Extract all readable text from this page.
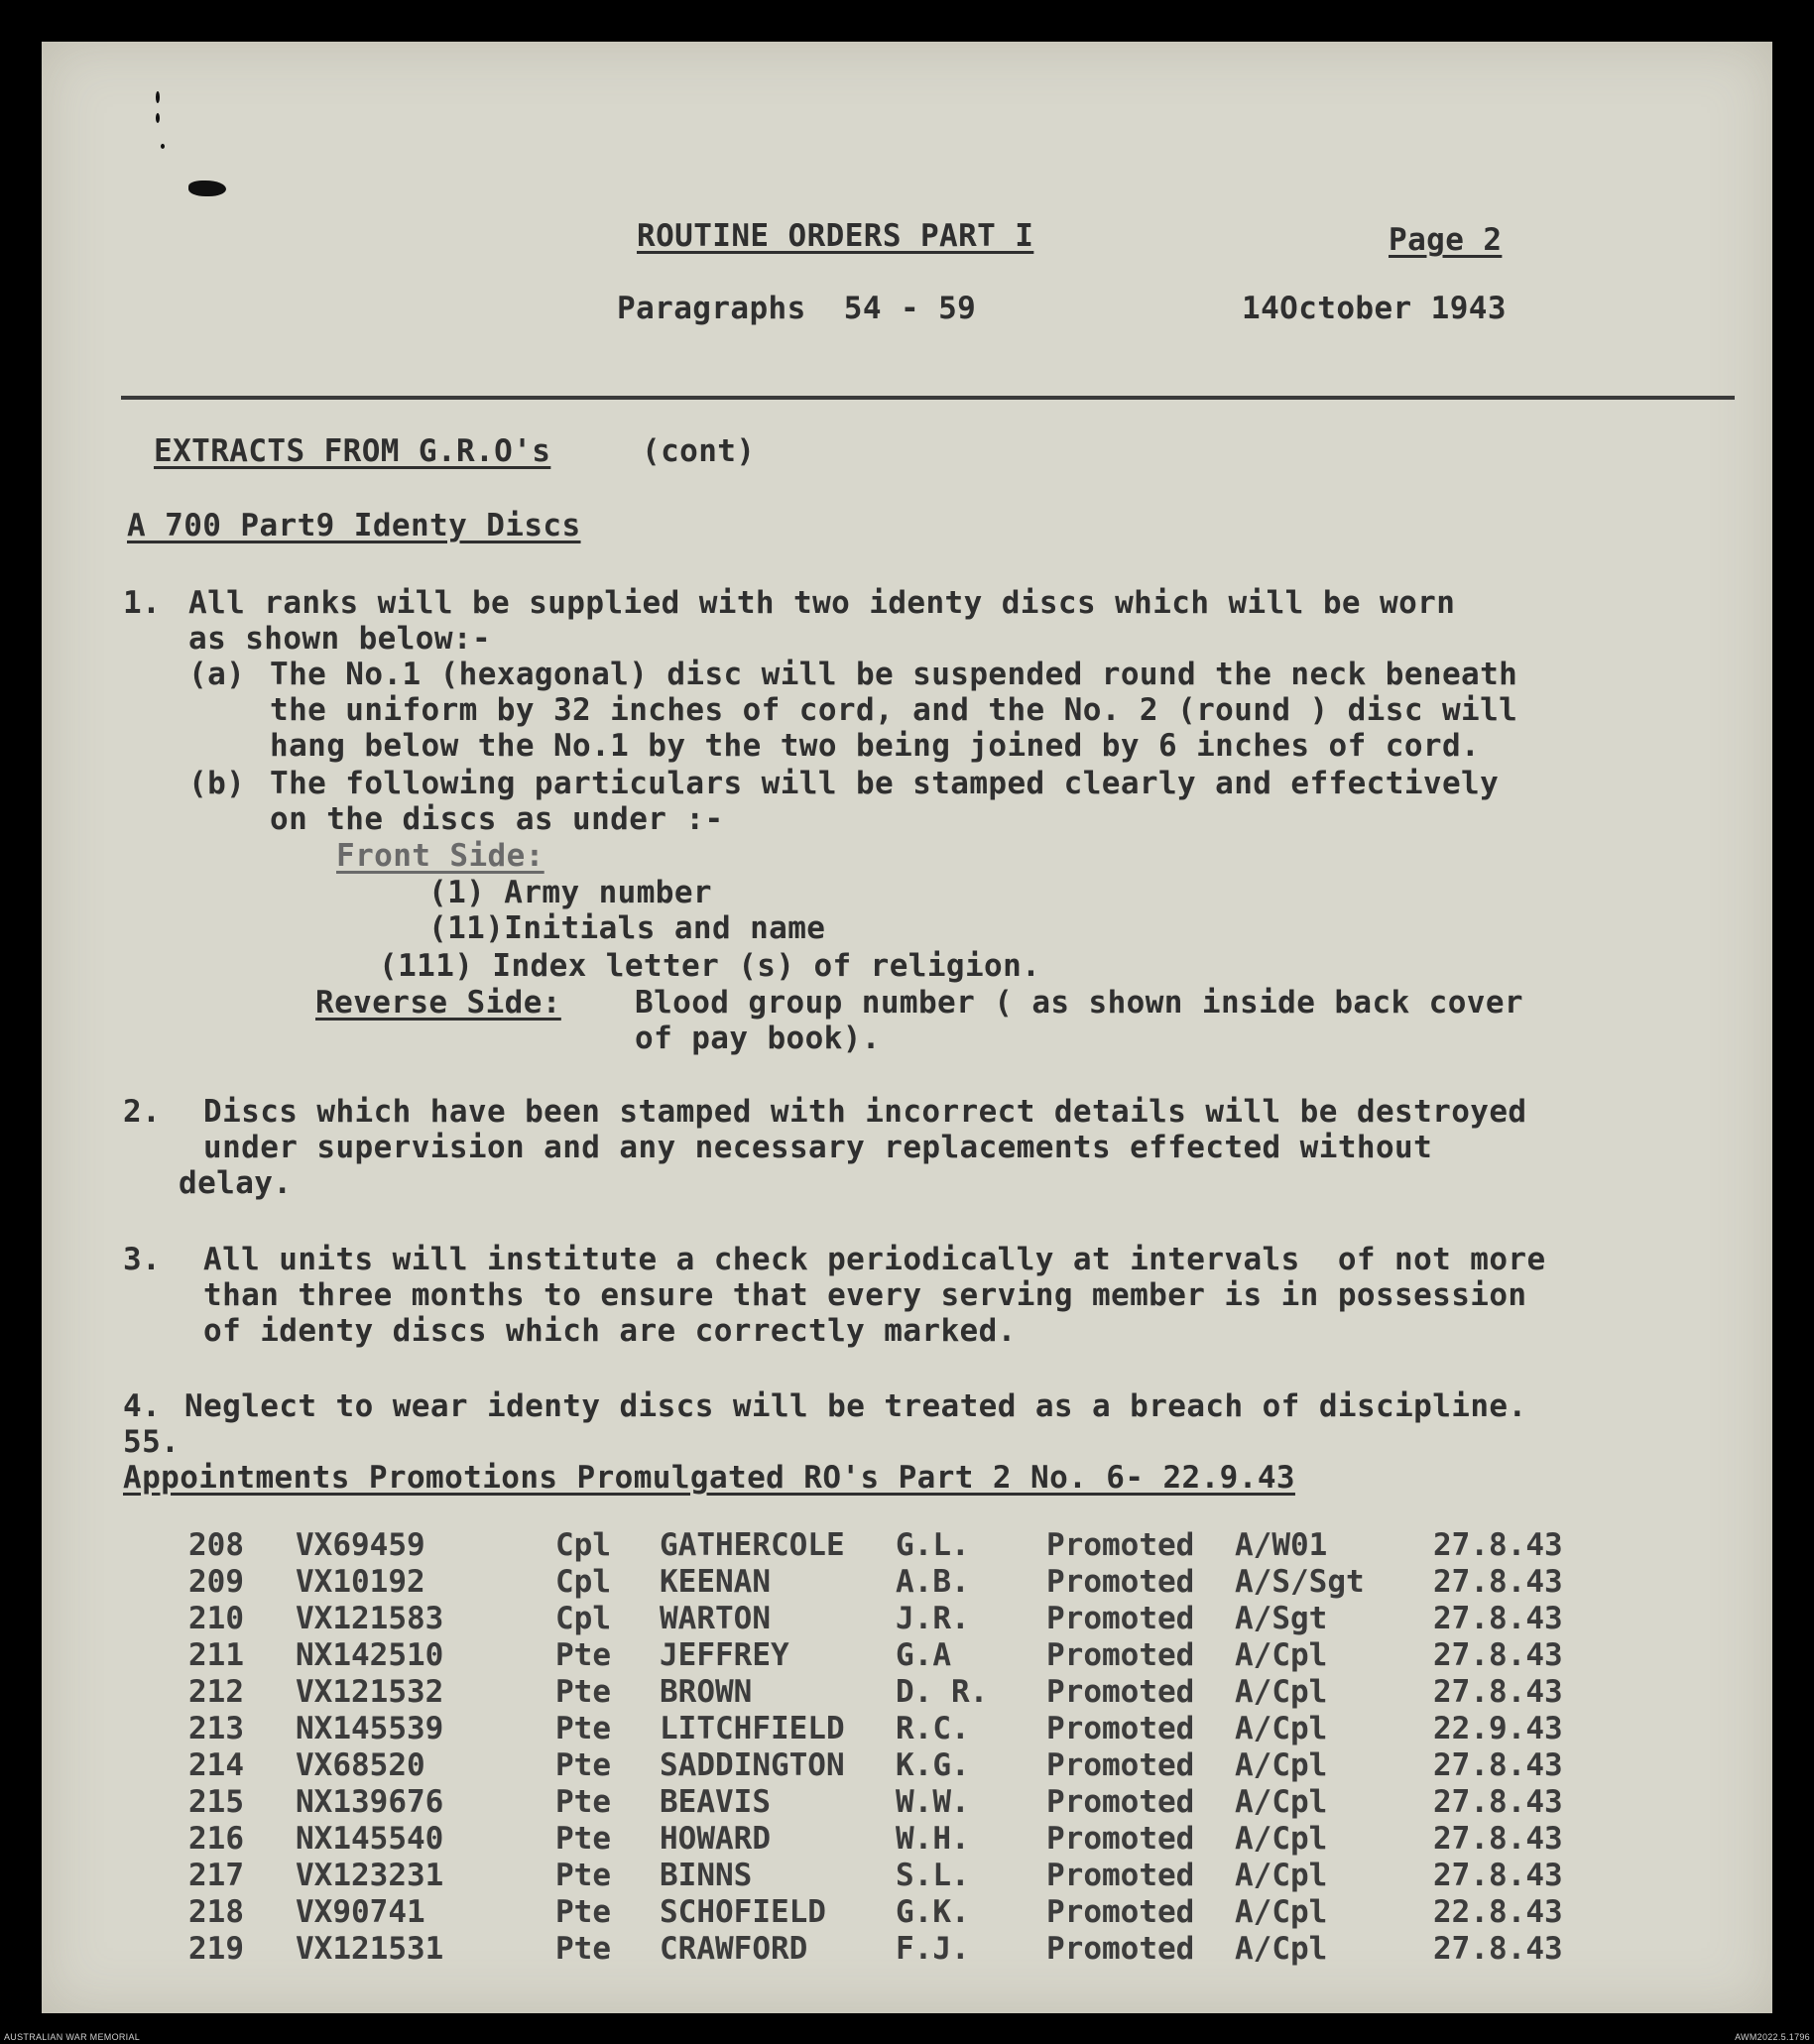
ROUTINE ORDERS PART I	Page 2

Paragraphs  54 - 59	14October 1943

EXTRACTS FROM G.R.O's	(cont)

A 700 Part9 Identy Discs

1. All ranks will be supplied with two identy discs which will be worn

as shown below:-

(a) The No.1 (hexagonal) disc will be suspended round the neck beneath

the uniform by 32 inches of cord, and the No. 2 (round ) disc will

hang below the No.1 by the two being joined by 6 inches of cord.

(b) The following particulars will be stamped clearly and effectively

on the discs as under :-

Front Side:

(1) Army number

(11)Initials and name

(111) Index letter (s) of religion.

Reverse Side: Blood group number ( as shown inside back cover

of pay book).

2. Discs which have been stamped with incorrect details will be destroyed

under supervision and any necessary replacements effected without

delay.

3. All units will institute a check periodically at intervals  of not more

than three months to ensure that every serving member is in possession

of identy discs which are correctly marked.

4. Neglect to wear identy discs will be treated as a breach of discipline.

55.

Appointments Promotions Promulgated RO's Part 2 No. 6- 22.9.43

208 VX69459	Cpl GATHERCOLE G.L. Promoted A/W01	27.8.43
209 VX10192	Cpl KEENAN	A.B. Promoted A/S/Sgt 27.8.43
210 VX121583	Cpl WARTON	J.R. Promoted A/Sgt	27.8.43
211 NX142510	Pte JEFFREY	G.A	Promoted A/Cpl	27.8.43
212 VX121532	Pte BROWN	D. R. Promoted A/Cpl	27.8.43
213 NX145539	Pte LITCHFIELD R.C. Promoted A/Cpl	22.9.43
214 VX68520	Pte SADDINGTON K.G. Promoted A/Cpl	27.8.43
215 NX139676	Pte BEAVIS	W.W. Promoted A/Cpl	27.8.43
216 NX145540	Pte HOWARD	W.H. Promoted A/Cpl	27.8.43
217 VX123231	Pte BINNS	S.L. Promoted A/Cpl	27.8.43
218 VX90741	Pte SCHOFIELD G.K. Promoted A/Cpl	22.8.43
219 VX121531	Pte CRAWFORD	F.J. Promoted A/Cpl	27.8.43
AUSTRALIAN WAR MEMORIAL	AWM2022.5.1796
